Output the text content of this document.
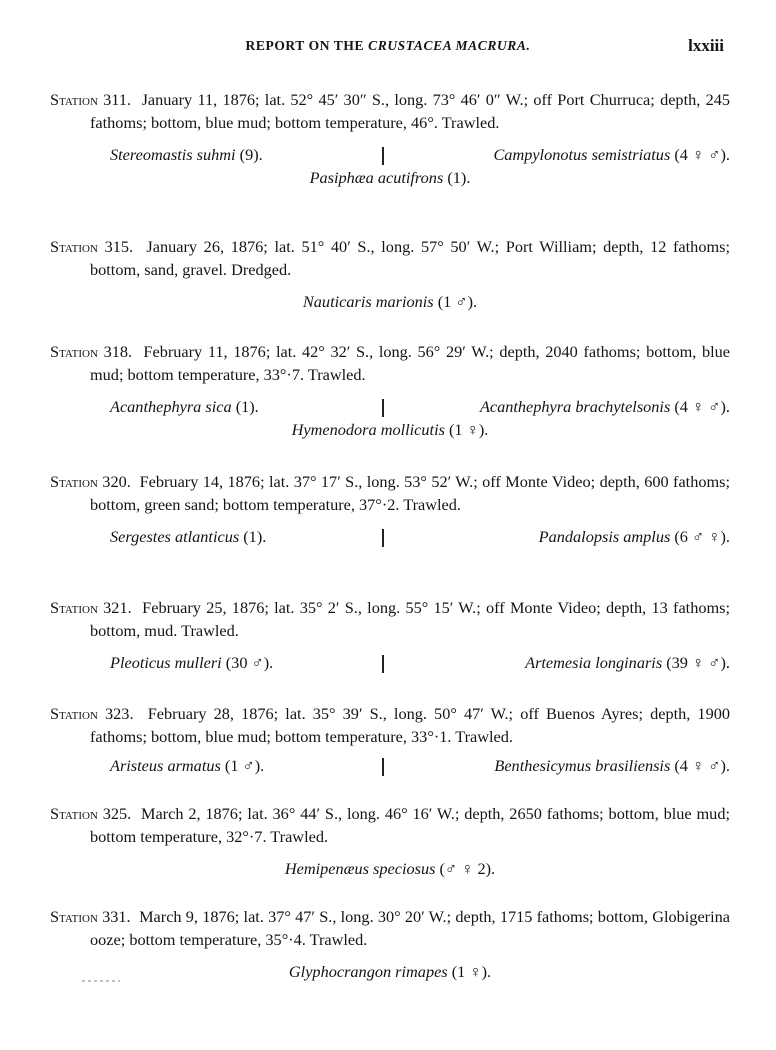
REPORT ON THE CRUSTACEA MACRURA.	lxxiii

Station 311. January 11, 1876; lat. 52° 45′ 30″ S., long. 73° 46′ 0″ W.; off Port Churruca; depth, 245 fathoms; bottom, blue mud; bottom temperature, 46°. Trawled.

Stereomastis suhmi (9).	Campylonotus semistriatus (4 ♀ ♂).
Pasiphæa acutifrons (1).

Station 315. January 26, 1876; lat. 51° 40′ S., long. 57° 50′ W.; Port William; depth, 12 fathoms; bottom, sand, gravel. Dredged.

Nauticaris marionis (1 ♂).

Station 318. February 11, 1876; lat. 42° 32′ S., long. 56° 29′ W.; depth, 2040 fathoms; bottom, blue mud; bottom temperature, 33°·7. Trawled.

Acanthephyra sica (1).	Acanthephyra brachytelsonis (4 ♀ ♂).
Hymenodora mollicutis (1 ♀).

Station 320. February 14, 1876; lat. 37° 17′ S., long. 53° 52′ W.; off Monte Video; depth, 600 fathoms; bottom, green sand; bottom temperature, 37°·2. Trawled.

Sergestes atlanticus (1).	Pandalopsis amplus (6 ♂ ♀).

Station 321. February 25, 1876; lat. 35° 2′ S., long. 55° 15′ W.; off Monte Video; depth, 13 fathoms; bottom, mud. Trawled.

Pleoticus mulleri (30 ♂).	Artemesia longinaris (39 ♀ ♂).

Station 323. February 28, 1876; lat. 35° 39′ S., long. 50° 47′ W.; off Buenos Ayres; depth, 1900 fathoms; bottom, blue mud; bottom temperature, 33°·1. Trawled.

Aristeus armatus (1 ♂).	Benthesicymus brasiliensis (4 ♀ ♂).

Station 325. March 2, 1876; lat. 36° 44′ S., long. 46° 16′ W.; depth, 2650 fathoms; bottom, blue mud; bottom temperature, 32°·7. Trawled.

Hemipenæus speciosus (♂ ♀ 2).

Station 331. March 9, 1876; lat. 37° 47′ S., long. 30° 20′ W.; depth, 1715 fathoms; bottom, Globigerina ooze; bottom temperature, 35°·4. Trawled.

Glyphocrangon rimapes (1 ♀).
